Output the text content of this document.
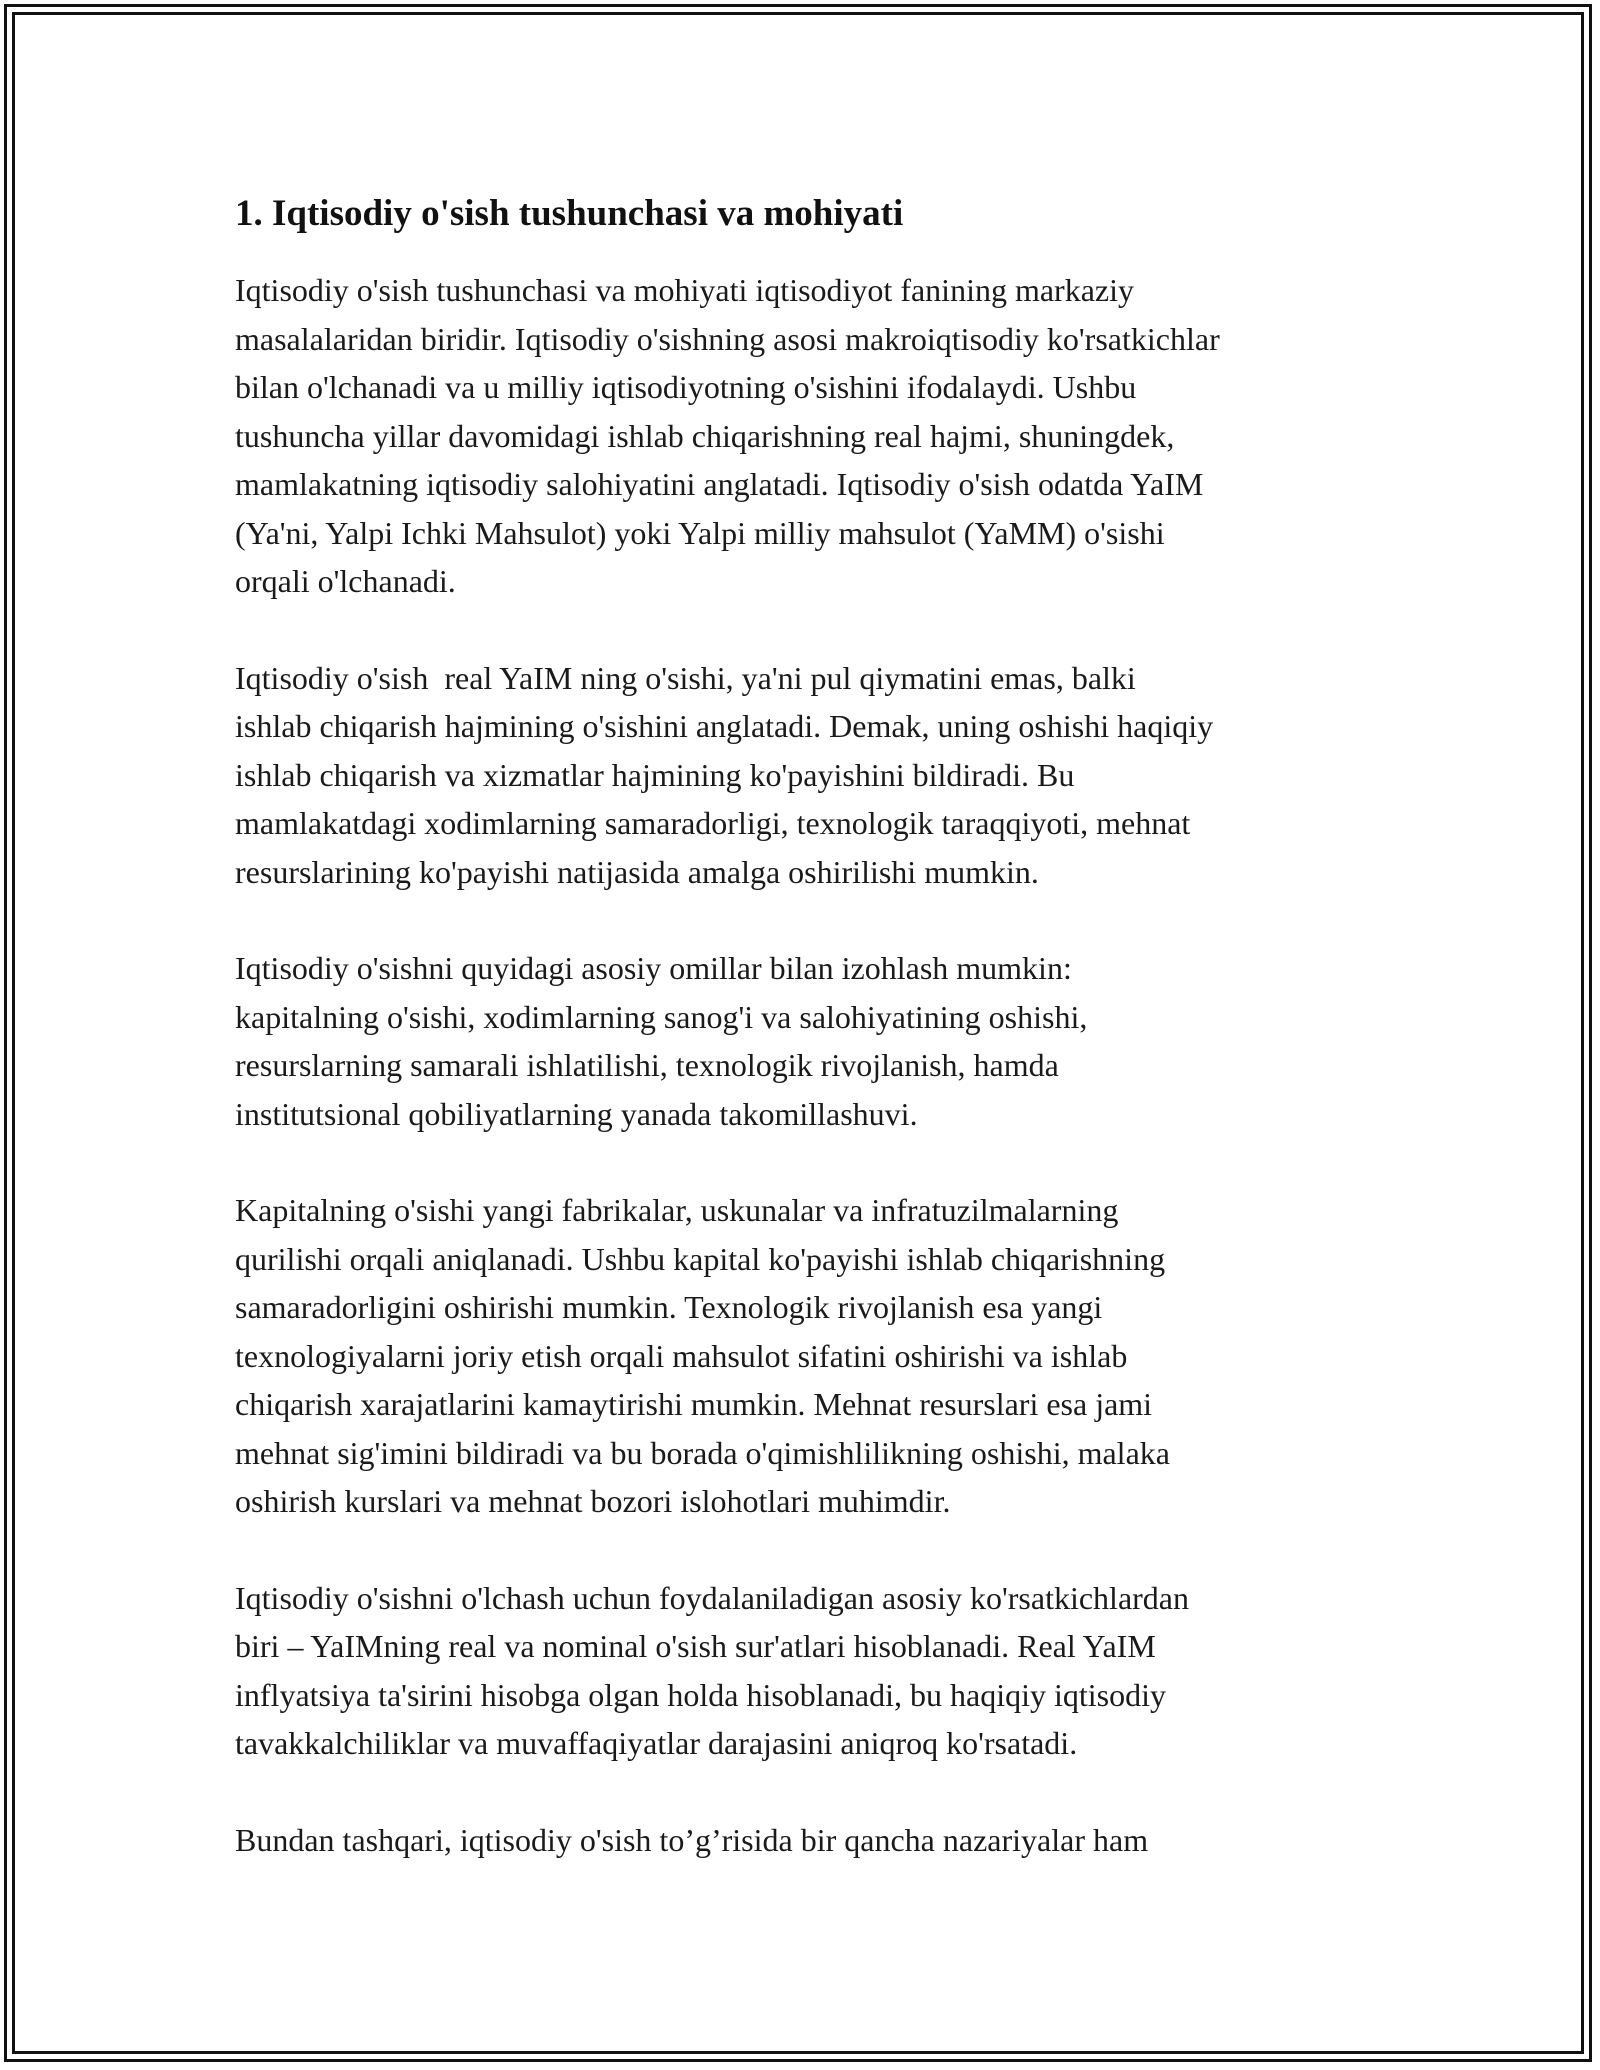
1. Iqtisodiy o'sish tushunchasi va mohiyati

Iqtisodiy o'sish tushunchasi va mohiyati iqtisodiyot fanining markaziy
masalalaridan biridir. Iqtisodiy o'sishning asosi makroiqtisodiy ko'rsatkichlar
bilan o'lchanadi va u milliy iqtisodiyotning o'sishini ifodalaydi. Ushbu
tushuncha yillar davomidagi ishlab chiqarishning real hajmi, shuningdek,
mamlakatning iqtisodiy salohiyatini anglatadi. Iqtisodiy o'sish odatda YaIM
(Ya'ni, Yalpi Ichki Mahsulot) yoki Yalpi milliy mahsulot (YaMM) o'sishi
orqali o'lchanadi.

Iqtisodiy o'sish  real YaIM ning o'sishi, ya'ni pul qiymatini emas, balki
ishlab chiqarish hajmining o'sishini anglatadi. Demak, uning oshishi haqiqiy
ishlab chiqarish va xizmatlar hajmining ko'payishini bildiradi. Bu
mamlakatdagi xodimlarning samaradorligi, texnologik taraqqiyoti, mehnat
resurslarining ko'payishi natijasida amalga oshirilishi mumkin.

Iqtisodiy o'sishni quyidagi asosiy omillar bilan izohlash mumkin:
kapitalning o'sishi, xodimlarning sanog'i va salohiyatining oshishi,
resurslarning samarali ishlatilishi, texnologik rivojlanish, hamda
institutsional qobiliyatlarning yanada takomillashuvi.

Kapitalning o'sishi yangi fabrikalar, uskunalar va infratuzilmalarning
qurilishi orqali aniqlanadi. Ushbu kapital ko'payishi ishlab chiqarishning
samaradorligini oshirishi mumkin. Texnologik rivojlanish esa yangi
texnologiyalarni joriy etish orqali mahsulot sifatini oshirishi va ishlab
chiqarish xarajatlarini kamaytirishi mumkin. Mehnat resurslari esa jami
mehnat sig'imini bildiradi va bu borada o'qimishlilikning oshishi, malaka
oshirish kurslari va mehnat bozori islohotlari muhimdir.

Iqtisodiy o'sishni o'lchash uchun foydalaniladigan asosiy ko'rsatkichlardan
biri – YaIMning real va nominal o'sish sur'atlari hisoblanadi. Real YaIM
inflyatsiya ta'sirini hisobga olgan holda hisoblanadi, bu haqiqiy iqtisodiy
tavakkalchiliklar va muvaffaqiyatlar darajasini aniqroq ko'rsatadi.

Bundan tashqari, iqtisodiy o'sish to’g’risida bir qancha nazariyalar ham
